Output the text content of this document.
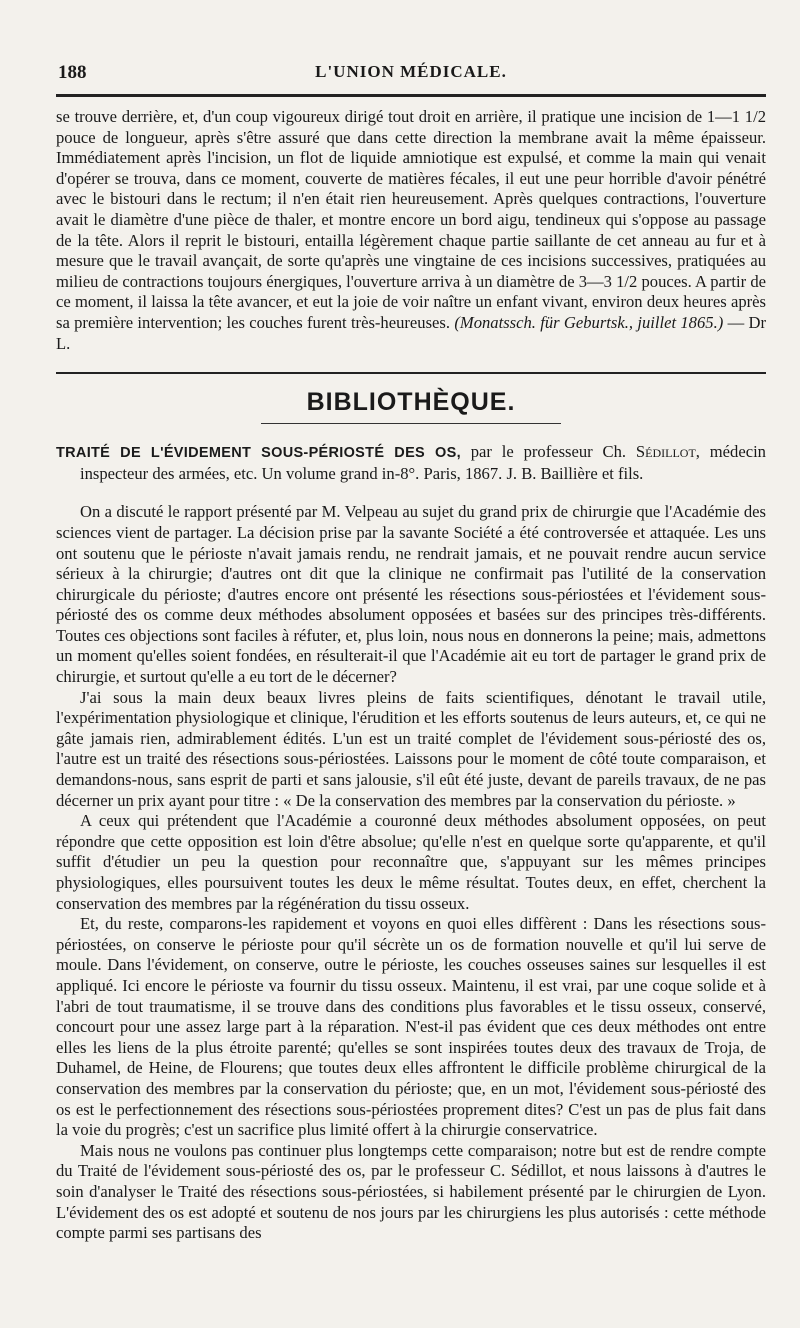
188	L'UNION MÉDICALE.

se trouve derrière, et, d'un coup vigoureux dirigé tout droit en arrière, il pratique une incision de 1—1 1/2 pouce de longueur, après s'être assuré que dans cette direction la membrane avait la même épaisseur. Immédiatement après l'incision, un flot de liquide amniotique est expulsé, et comme la main qui venait d'opérer se trouva, dans ce moment, couverte de matières fécales, il eut une peur horrible d'avoir pénétré avec le bistouri dans le rectum; il n'en était rien heureusement. Après quelques contractions, l'ouverture avait le diamètre d'une pièce de thaler, et montre encore un bord aigu, tendineux qui s'oppose au passage de la tête. Alors il reprit le bistouri, entailla légèrement chaque partie saillante de cet anneau au fur et à mesure que le travail avançait, de sorte qu'après une vingtaine de ces incisions successives, pratiquées au milieu de contractions toujours énergiques, l'ouverture arriva à un diamètre de 3—3 1/2 pouces. A partir de ce moment, il laissa la tête avancer, et eut la joie de voir naître un enfant vivant, environ deux heures après sa première intervention; les couches furent très-heureuses. (Monatssch. für Geburtsk., juillet 1865.) — Dr L.

BIBLIOTHÈQUE.
TRAITÉ DE L'ÉVIDEMENT SOUS-PÉRIOSTÉ DES OS, par le professeur Ch. Sédillot, médecin inspecteur des armées, etc. Un volume grand in-8°. Paris, 1867. J. B. Baillière et fils.

On a discuté le rapport présenté par M. Velpeau au sujet du grand prix de chirurgie que l'Académie des sciences vient de partager. La décision prise par la savante Société a été controversée et attaquée. Les uns ont soutenu que le périoste n'avait jamais rendu, ne rendrait jamais, et ne pouvait rendre aucun service sérieux à la chirurgie; d'autres ont dit que la clinique ne confirmait pas l'utilité de la conservation chirurgicale du périoste; d'autres encore ont présenté les résections sous-périostées et l'évidement sous-périosté des os comme deux méthodes absolument opposées et basées sur des principes très-différents. Toutes ces objections sont faciles à réfuter, et, plus loin, nous nous en donnerons la peine; mais, admettons un moment qu'elles soient fondées, en résulterait-il que l'Académie ait eu tort de partager le grand prix de chirurgie, et surtout qu'elle a eu tort de le décerner?

J'ai sous la main deux beaux livres pleins de faits scientifiques, dénotant le travail utile, l'expérimentation physiologique et clinique, l'érudition et les efforts soutenus de leurs auteurs, et, ce qui ne gâte jamais rien, admirablement édités. L'un est un traité complet de l'évidement sous-périosté des os, l'autre est un traité des résections sous-périostées. Laissons pour le moment de côté toute comparaison, et demandons-nous, sans esprit de parti et sans jalousie, s'il eût été juste, devant de pareils travaux, de ne pas décerner un prix ayant pour titre : « De la conservation des membres par la conservation du périoste. »

A ceux qui prétendent que l'Académie a couronné deux méthodes absolument opposées, on peut répondre que cette opposition est loin d'être absolue; qu'elle n'est en quelque sorte qu'apparente, et qu'il suffit d'étudier un peu la question pour reconnaître que, s'appuyant sur les mêmes principes physiologiques, elles poursuivent toutes les deux le même résultat. Toutes deux, en effet, cherchent la conservation des membres par la régénération du tissu osseux.

Et, du reste, comparons-les rapidement et voyons en quoi elles diffèrent : Dans les résections sous-périostées, on conserve le périoste pour qu'il sécrète un os de formation nouvelle et qu'il lui serve de moule. Dans l'évidement, on conserve, outre le périoste, les couches osseuses saines sur lesquelles il est appliqué. Ici encore le périoste va fournir du tissu osseux. Maintenu, il est vrai, par une coque solide et à l'abri de tout traumatisme, il se trouve dans des conditions plus favorables et le tissu osseux, conservé, concourt pour une assez large part à la réparation. N'est-il pas évident que ces deux méthodes ont entre elles les liens de la plus étroite parenté; qu'elles se sont inspirées toutes deux des travaux de Troja, de Duhamel, de Heine, de Flourens; que toutes deux elles affrontent le difficile problème chirurgical de la conservation des membres par la conservation du périoste; que, en un mot, l'évidement sous-périosté des os est le perfectionnement des résections sous-périostées proprement dites? C'est un pas de plus fait dans la voie du progrès; c'est un sacrifice plus limité offert à la chirurgie conservatrice.

Mais nous ne voulons pas continuer plus longtemps cette comparaison; notre but est de rendre compte du Traité de l'évidement sous-périosté des os, par le professeur C. Sédillot, et nous laissons à d'autres le soin d'analyser le Traité des résections sous-périostées, si habilement présenté par le chirurgien de Lyon. L'évidement des os est adopté et soutenu de nos jours par les chirurgiens les plus autorisés : cette méthode compte parmi ses partisans des
